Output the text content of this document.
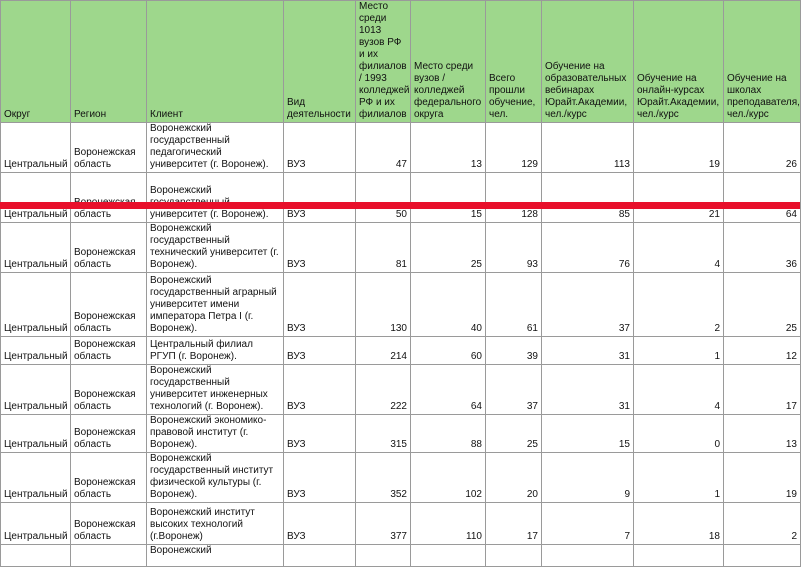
Округ	Регион	Клиент	Вид деятельности	Место среди 1013 вузов РФ и их филиалов / 1993 колледжей РФ и их филиалов	Место среди вузов / колледжей федерального округа	Всего прошли обучение, чел.	Обучение на образовательных вебинарах Юрайт.Академии, чел./курс	Обучение на онлайн-курсах Юрайт.Академии, чел./курс	Обучение на школах преподавателя, чел./курс
Центральный	Воронежская область	Воронежский государственный педагогический университет (г. Воронеж).	ВУЗ	47	13	129	113	19	26
Центральный	область	Воронежский университет (г. Воронеж).	ВУЗ	50	15	128	85	21	64
Центральный	Воронежская область	Воронежский государственный технический университет (г. Воронеж).	ВУЗ	81	25	93	76	4	36
Центральный	Воронежская область	Воронежский государственный аграрный университет имени императора Петра I (г. Воронеж).	ВУЗ	130	40	61	37	2	25
Центральный	Воронежская область	Центральный филиал РГУП (г. Воронеж).	ВУЗ	214	60	39	31	1	12
Центральный	Воронежская область	Воронежский государственный университет инженерных технологий (г. Воронеж).	ВУЗ	222	64	37	31	4	17
Центральный	Воронежская область	Воронежский экономико-правовой институт (г. Воронеж).	ВУЗ	315	88	25	15	0	13
Центральный	Воронежская область	Воронежский государственный институт физической культуры (г. Воронеж).	ВУЗ	352	102	20	9	1	19
Центральный	Воронежская область	Воронежский институт высоких технологий (г.Воронеж)	ВУЗ	377	110	17	7	18	2
		Воронежский							
